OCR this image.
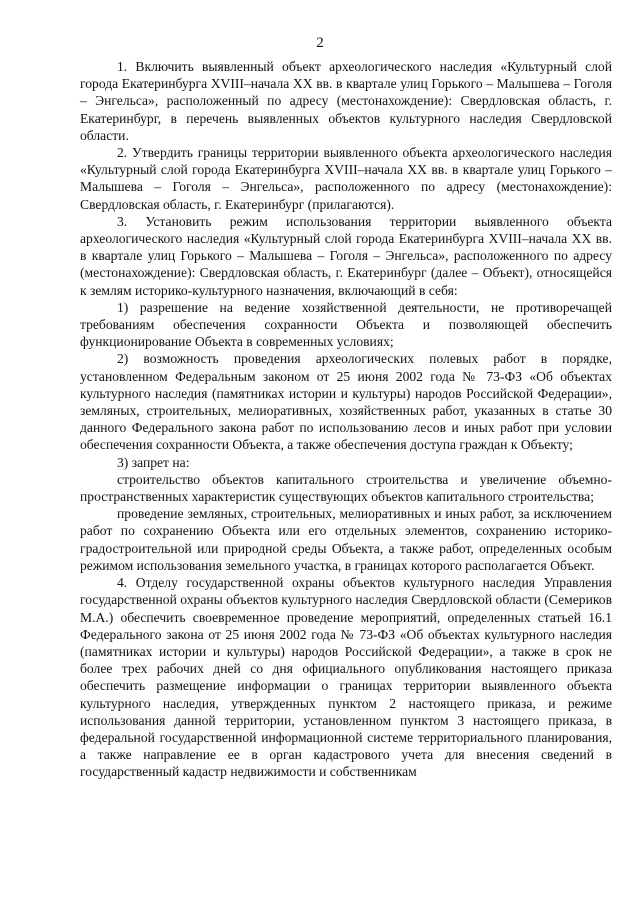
2

1. Включить выявленный объект археологического наследия «Культурный слой города Екатеринбурга XVIII–начала XX вв. в квартале улиц Горького – Малышева – Гоголя – Энгельса», расположенный по адресу (местонахождение): Свердловская область, г. Екатеринбург, в перечень выявленных объектов культурного наследия Свердловской области.

2. Утвердить границы территории выявленного объекта археологического наследия «Культурный слой города Екатеринбурга XVIII–начала XX вв. в квартале улиц Горького – Малышева – Гоголя – Энгельса», расположенного по адресу (местонахождение): Свердловская область, г. Екатеринбург (прилагаются).

3. Установить режим использования территории выявленного объекта археологического наследия «Культурный слой города Екатеринбурга XVIII–начала XX вв. в квартале улиц Горького – Малышева – Гоголя – Энгельса», расположенного по адресу (местонахождение): Свердловская область, г. Екатеринбург (далее – Объект), относящейся к землям историко-культурного назначения, включающий в себя:

1) разрешение на ведение хозяйственной деятельности, не противоречащей требованиям обеспечения сохранности Объекта и позволяющей обеспечить функционирование Объекта в современных условиях;

2) возможность проведения археологических полевых работ в порядке, установленном Федеральным законом от 25 июня 2002 года № 73-ФЗ «Об объектах культурного наследия (памятниках истории и культуры) народов Российской Федерации», земляных, строительных, мелиоративных, хозяйственных работ, указанных в статье 30 данного Федерального закона работ по использованию лесов и иных работ при условии обеспечения сохранности Объекта, а также обеспечения доступа граждан к Объекту;

3) запрет на:

строительство объектов капитального строительства и увеличение объемно-пространственных характеристик существующих объектов капитального строительства;

проведение земляных, строительных, мелиоративных и иных работ, за исключением работ по сохранению Объекта или его отдельных элементов, сохранению историко-градостроительной или природной среды Объекта, а также работ, определенных особым режимом использования земельного участка, в границах которого располагается Объект.

4. Отделу государственной охраны объектов культурного наследия Управления государственной охраны объектов культурного наследия Свердловской области (Семериков М.А.) обеспечить своевременное проведение мероприятий, определенных статьей 16.1 Федерального закона от 25 июня 2002 года № 73-ФЗ «Об объектах культурного наследия (памятниках истории и культуры) народов Российской Федерации», а также в срок не более трех рабочих дней со дня официального опубликования настоящего приказа обеспечить размещение информации о границах территории выявленного объекта культурного наследия, утвержденных пунктом 2 настоящего приказа, и режиме использования данной территории, установленном пунктом 3 настоящего приказа, в федеральной государственной информационной системе территориального планирования, а также направление ее в орган кадастрового учета для внесения сведений в государственный кадастр недвижимости и собственникам
